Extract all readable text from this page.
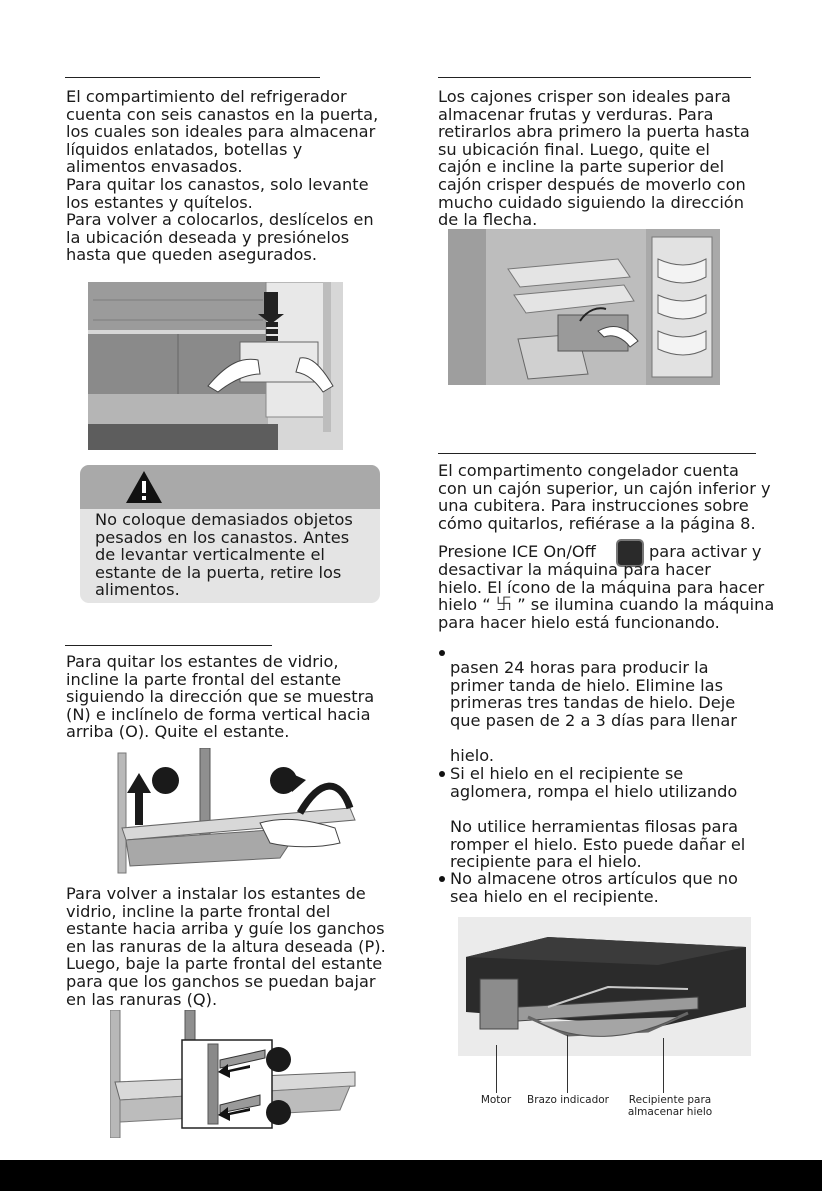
El compartimiento del refrigerador
cuenta con seis canastos en la puerta,
los cuales son ideales para almacenar
líquidos enlatados, botellas y
alimentos envasados.
Para quitar los canastos, solo levante
los estantes y quítelos.
Para volver a colocarlos, deslícelos en
la ubicación deseada y presiónelos
hasta que queden asegurados.
No coloque demasiados objetos
pesados en los canastos. Antes
de levantar verticalmente el
estante de la puerta, retire los
alimentos.
Para quitar los estantes de vidrio,
incline la parte frontal del estante
siguiendo la dirección que se muestra
(N) e inclínelo de forma vertical hacia
arriba (O). Quite el estante.
Para volver a instalar los estantes de
vidrio, incline la parte frontal del
estante hacia arriba y guíe los ganchos
en las ranuras de la altura deseada (P).
Luego, baje la parte frontal del estante
para que los ganchos se puedan bajar
en las ranuras (Q).
Los cajones crisper son ideales para
almacenar frutas y verduras. Para
retirarlos abra primero la puerta hasta
su ubicación final. Luego, quite el
cajón e incline la parte superior del
cajón crisper después de moverlo con
mucho cuidado siguiendo la dirección
de la flecha.
El compartimento congelador cuenta
con un cajón superior, un cajón inferior y
una cubitera. Para instrucciones sobre
cómo quitarlos, refiérase a la página 8.
Presione ICE On/Off	para activar y
desactivar la máquina para hacer
hielo. El ícono de la máquina para hacer
hielo “ ࿕ ” se ilumina cuando la máquina
para hacer hielo está funcionando.
pasen 24 horas para producir la
primer tanda de hielo. Elimine las
primeras tres tandas de hielo. Deje
que pasen de 2 a 3 días para llenar
hielo.
Si el hielo en el recipiente se
aglomera, rompa el hielo utilizando
No utilice herramientas filosas para
romper el hielo. Esto puede dañar el
recipiente para el hielo.
No almacene otros artículos que no
sea hielo en el recipiente.
Motor	Brazo indicador	Recipiente para
almacenar hielo
